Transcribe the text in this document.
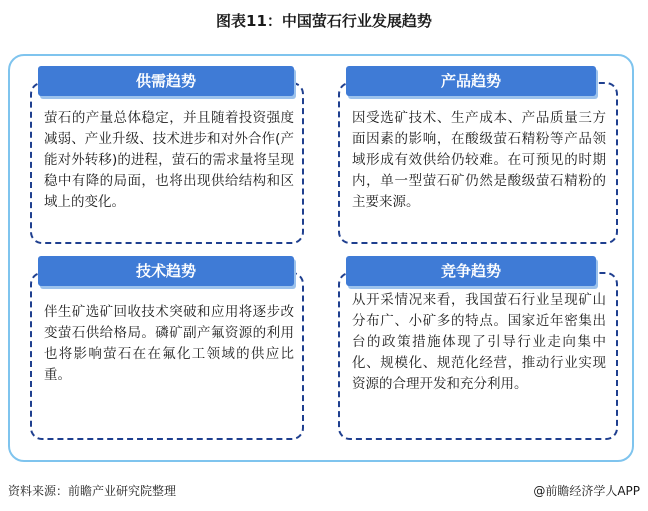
图表11：中国萤石行业发展趋势
供需趋势
萤石的产量总体稳定，并且随着投资强度减弱、产业升级、技术进步和对外合作(产能对外转移)的进程，萤石的需求量将呈现稳中有降的局面，也将出现供给结构和区域上的变化。
产品趋势
因受选矿技术、生产成本、产品质量三方面因素的影响，在酸级萤石精粉等产品领域形成有效供给仍较难。在可预见的时期内，单一型萤石矿仍然是酸级萤石精粉的主要来源。
技术趋势
伴生矿选矿回收技术突破和应用将逐步改变萤石供给格局。磷矿副产氟资源的利用也将影响萤石在在氟化工领域的供应比重。
竞争趋势
从开采情况来看，我国萤石行业呈现矿山分布广、小矿多的特点。国家近年密集出台的政策措施体现了引导行业走向集中化、规模化、规范化经营，推动行业实现资源的合理开发和充分利用。
资料来源：前瞻产业研究院整理	@前瞻经济学人APP
